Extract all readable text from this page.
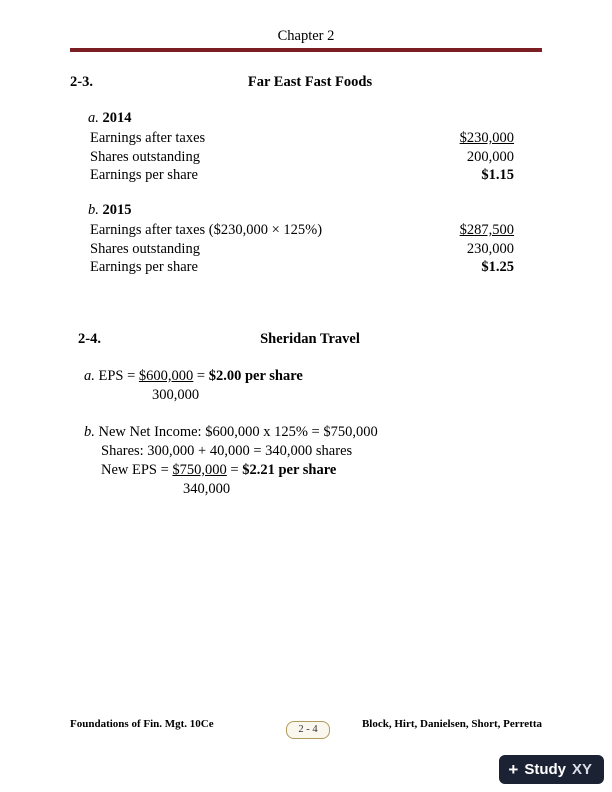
Chapter 2
2-3.	Far East Fast Foods
a. 2014
Earnings after taxes	$230,000
Shares outstanding	200,000
Earnings per share	$1.15
b. 2015
Earnings after taxes ($230,000 × 125%)	$287,500
Shares outstanding	230,000
Earnings per share	$1.25
2-4.	Sheridan Travel
a. EPS = $600,000 = $2.00 per share
300,000
b. New Net Income: $600,000 x 125% = $750,000
Shares: 300,000 + 40,000 = 340,000 shares
New EPS = $750,000 = $2.21 per share
340,000
Foundations of Fin. Mgt. 10Ce	2 - 4	Block, Hirt, Danielsen, Short, Perretta
+ Study XY
